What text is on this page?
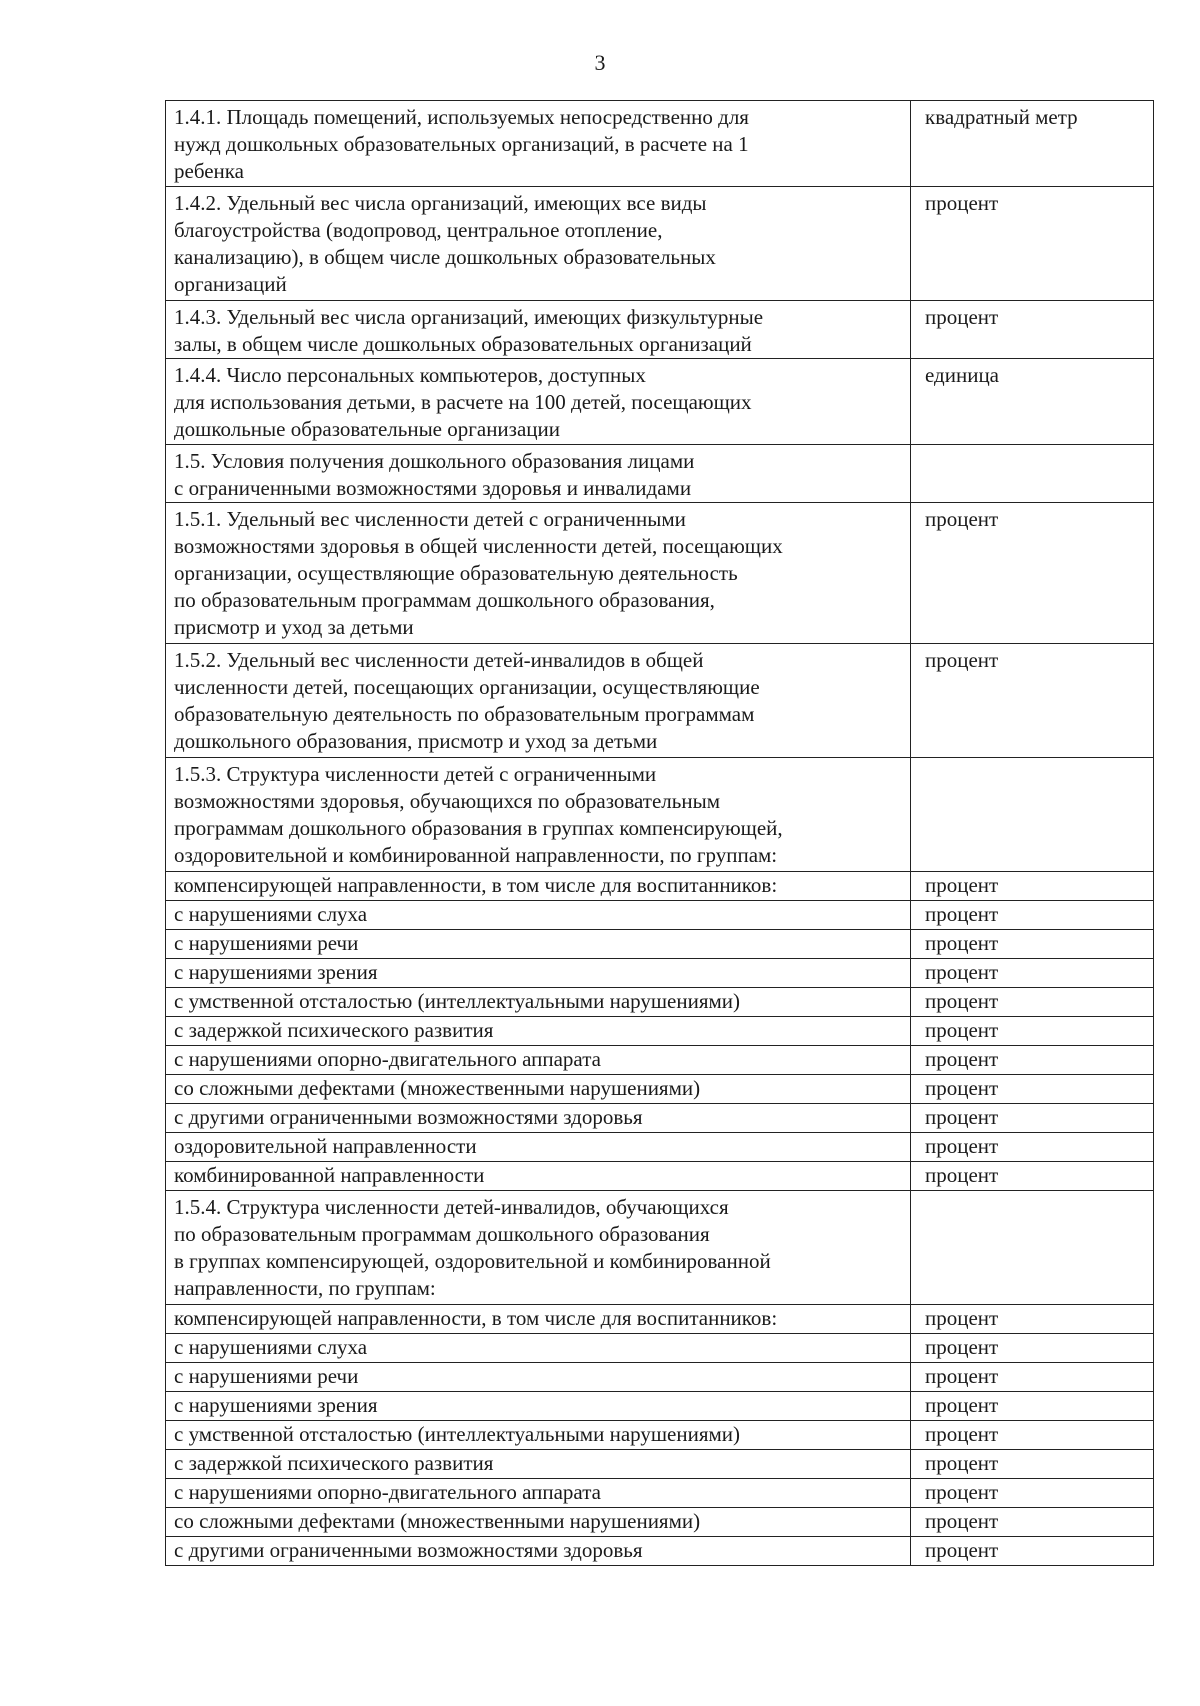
3
1.4.1. Площадь помещений, используемых непосредственно для
нужд дошкольных образовательных организаций, в расчете на 1
ребенка	квадратный метр

1.4.2. Удельный вес числа организаций, имеющих все виды
благоустройства (водопровод, центральное отопление,
канализацию), в общем числе дошкольных образовательных
организаций	процент

1.4.3. Удельный вес числа организаций, имеющих физкультурные
залы, в общем числе дошкольных образовательных организаций	процент

1.4.4. Число персональных компьютеров, доступных
для использования детьми, в расчете на 100 детей, посещающих
дошкольные образовательные организации	единица

1.5. Условия получения дошкольного образования лицами
с ограниченными возможностями здоровья и инвалидами	

1.5.1. Удельный вес численности детей с ограниченными
возможностями здоровья в общей численности детей, посещающих
организации, осуществляющие образовательную деятельность
по образовательным программам дошкольного образования,
присмотр и уход за детьми	процент

1.5.2. Удельный вес численности детей-инвалидов в общей
численности детей, посещающих организации, осуществляющие
образовательную деятельность по образовательным программам
дошкольного образования, присмотр и уход за детьми	процент

1.5.3. Структура численности детей с ограниченными
возможностями здоровья, обучающихся по образовательным
программам дошкольного образования в группах компенсирующей,
оздоровительной и комбинированной направленности, по группам:	

компенсирующей направленности, в том числе для воспитанников:	процент
с нарушениями слуха	процент
с нарушениями речи	процент
с нарушениями зрения	процент
с умственной отсталостью (интеллектуальными нарушениями)	процент
с задержкой психического развития	процент
с нарушениями опорно-двигательного аппарата	процент
со сложными дефектами (множественными нарушениями)	процент
с другими ограниченными возможностями здоровья	процент
оздоровительной направленности	процент
комбинированной направленности	процент

1.5.4. Структура численности детей-инвалидов, обучающихся
по образовательным программам дошкольного образования
в группах компенсирующей, оздоровительной и комбинированной
направленности, по группам:	

компенсирующей направленности, в том числе для воспитанников:	процент
с нарушениями слуха	процент
с нарушениями речи	процент
с нарушениями зрения	процент
с умственной отсталостью (интеллектуальными нарушениями)	процент
с задержкой психического развития	процент
с нарушениями опорно-двигательного аппарата	процент
со сложными дефектами (множественными нарушениями)	процент
с другими ограниченными возможностями здоровья	процент
